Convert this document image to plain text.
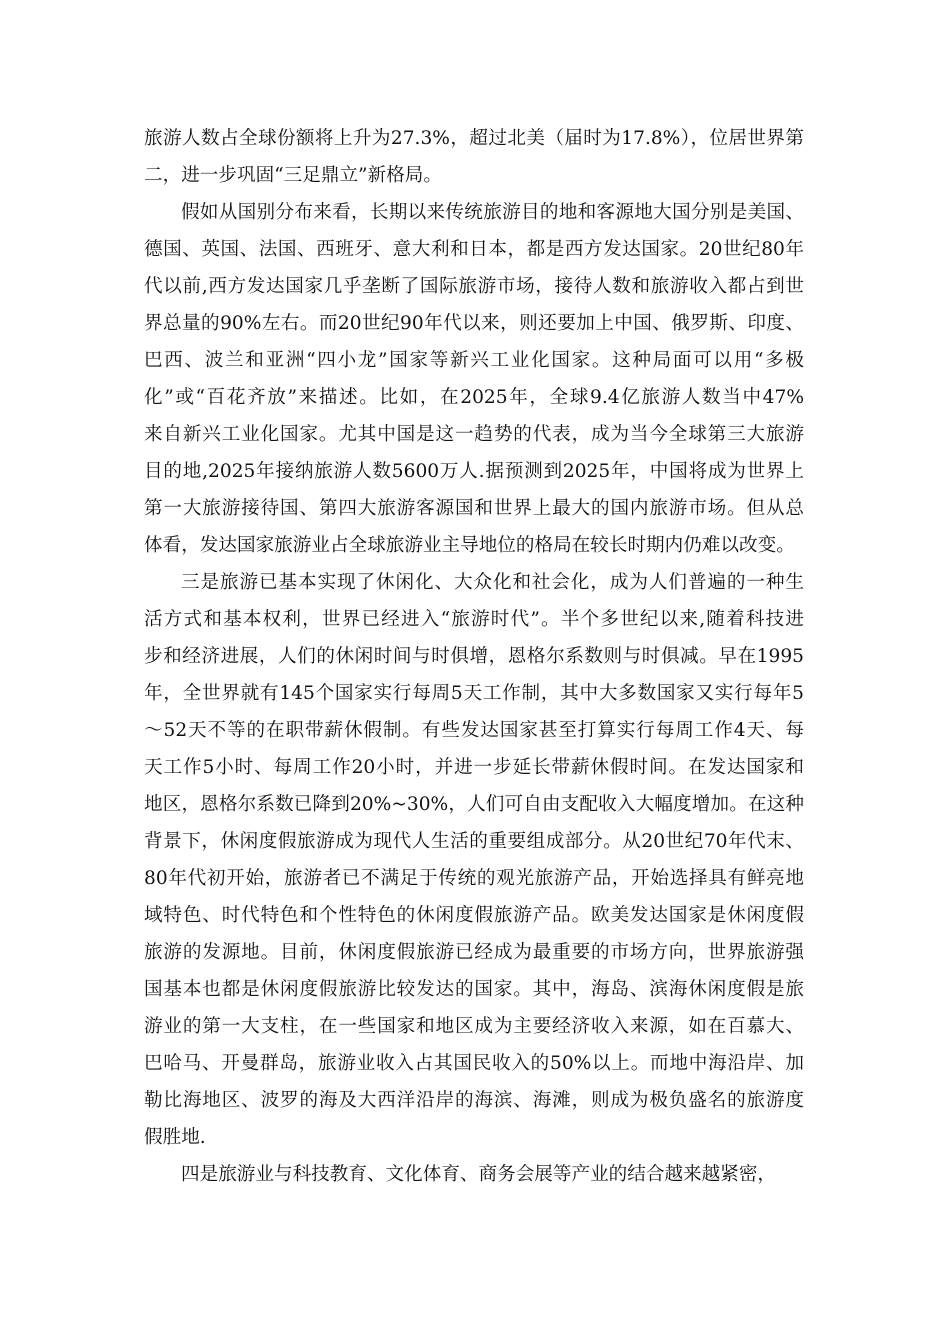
旅游人数占全球份额将上升为27.3%，超过北美（届时为17.8%），位居世界第
二，进一步巩固“三足鼎立”新格局。
假如从国别分布来看，长期以来传统旅游目的地和客源地大国分别是美国、
德国、英国、法国、西班牙、意大利和日本，都是西方发达国家。20世纪80年
代以前,西方发达国家几乎垄断了国际旅游市场，接待人数和旅游收入都占到世
界总量的90%左右。而20世纪90年代以来，则还要加上中国、俄罗斯、印度、
巴西、波兰和亚洲“四小龙”国家等新兴工业化国家。这种局面可以用“多极
化”或“百花齐放”来描述。比如，在2025年，全球9.4亿旅游人数当中47%
来自新兴工业化国家。尤其中国是这一趋势的代表，成为当今全球第三大旅游
目的地,2025年接纳旅游人数5600万人.据预测到2025年，中国将成为世界上
第一大旅游接待国、第四大旅游客源国和世界上最大的国内旅游市场。但从总
体看，发达国家旅游业占全球旅游业主导地位的格局在较长时期内仍难以改变。
三是旅游已基本实现了休闲化、大众化和社会化，成为人们普遍的一种生
活方式和基本权利，世界已经进入“旅游时代”。半个多世纪以来,随着科技进
步和经济进展，人们的休闲时间与时俱增，恩格尔系数则与时俱减。早在1995
年，全世界就有145个国家实行每周5天工作制，其中大多数国家又实行每年5
～52天不等的在职带薪休假制。有些发达国家甚至打算实行每周工作4天、每
天工作5小时、每周工作20小时，并进一步延长带薪休假时间。在发达国家和
地区，恩格尔系数已降到20%~30%，人们可自由支配收入大幅度增加。在这种
背景下，休闲度假旅游成为现代人生活的重要组成部分。从20世纪70年代末、
80年代初开始，旅游者已不满足于传统的观光旅游产品，开始选择具有鲜亮地
域特色、时代特色和个性特色的休闲度假旅游产品。欧美发达国家是休闲度假
旅游的发源地。目前，休闲度假旅游已经成为最重要的市场方向，世界旅游强
国基本也都是休闲度假旅游比较发达的国家。其中，海岛、滨海休闲度假是旅
游业的第一大支柱，在一些国家和地区成为主要经济收入来源，如在百慕大、
巴哈马、开曼群岛，旅游业收入占其国民收入的50%以上。而地中海沿岸、加
勒比海地区、波罗的海及大西洋沿岸的海滨、海滩，则成为极负盛名的旅游度
假胜地.
四是旅游业与科技教育、文化体育、商务会展等产业的结合越来越紧密，
